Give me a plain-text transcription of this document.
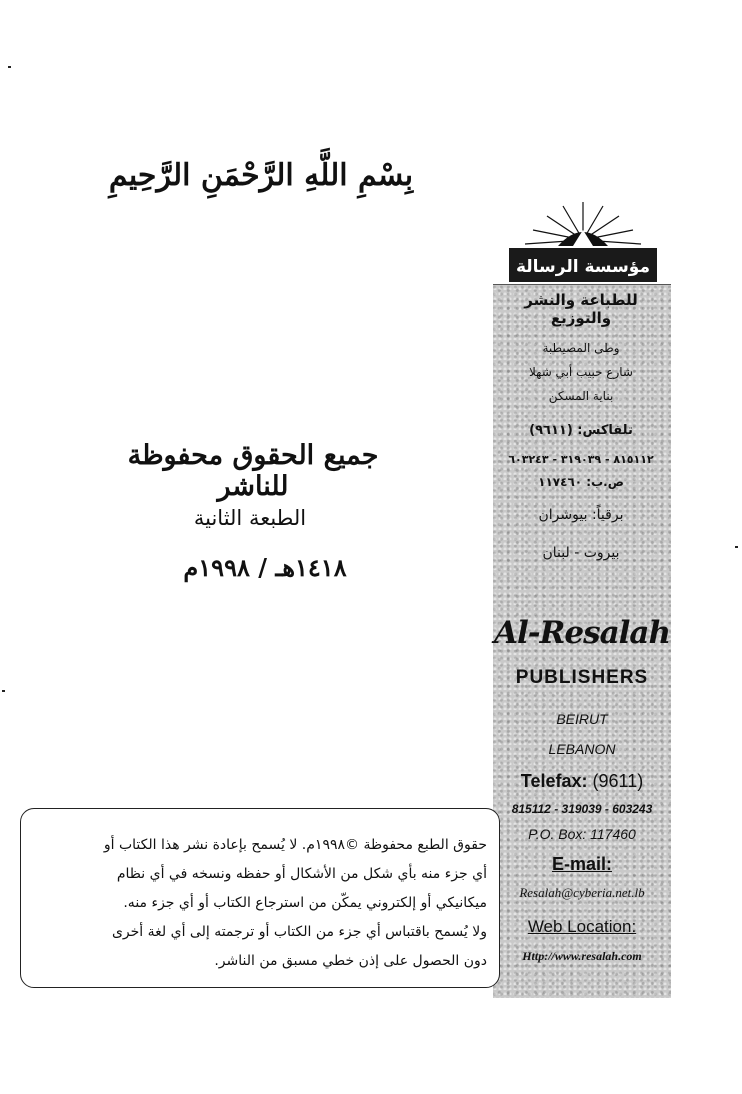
بِسْمِ اللَّهِ الرَّحْمَنِ الرَّحِيمِ
جميع الحقوق محفوظة للناشر
الطبعة الثانية
١٤١٨هـ / ١٩٩٨م
مؤسسة الرسالة
للطباعة والنشر والتوزيع
وطى المصيطبة
شارع حبيب أبي شهلا
بناية المسكن
تلفاكس: (٩٦١١)
٨١٥١١٢ - ٣١٩٠٣٩ - ٦٠٣٢٤٣
ص.ب: ١١٧٤٦٠
برقياً: بيوشران
بيروت - لبنان
Al-Resalah
PUBLISHERS
BEIRUT
LEBANON
Telefax: (9611)
815112 - 319039 - 603243
P.O. Box: 117460
E-mail:
Resalah@cyberia.net.lb
Web Location:
Http://www.resalah.com
حقوق الطبع محفوظة ©١٩٩٨م. لا يُسمح بإعادة نشر هذا الكتاب أو
أي جزء منه بأي شكل من الأشكال أو حفظه ونسخه في أي نظام
ميكانيكي أو إلكتروني يمكّن من استرجاع الكتاب أو أي جزء منه.
ولا يُسمح باقتباس أي جزء من الكتاب أو ترجمته إلى أي لغة أخرى
دون الحصول على إذن خطي مسبق من الناشر.
